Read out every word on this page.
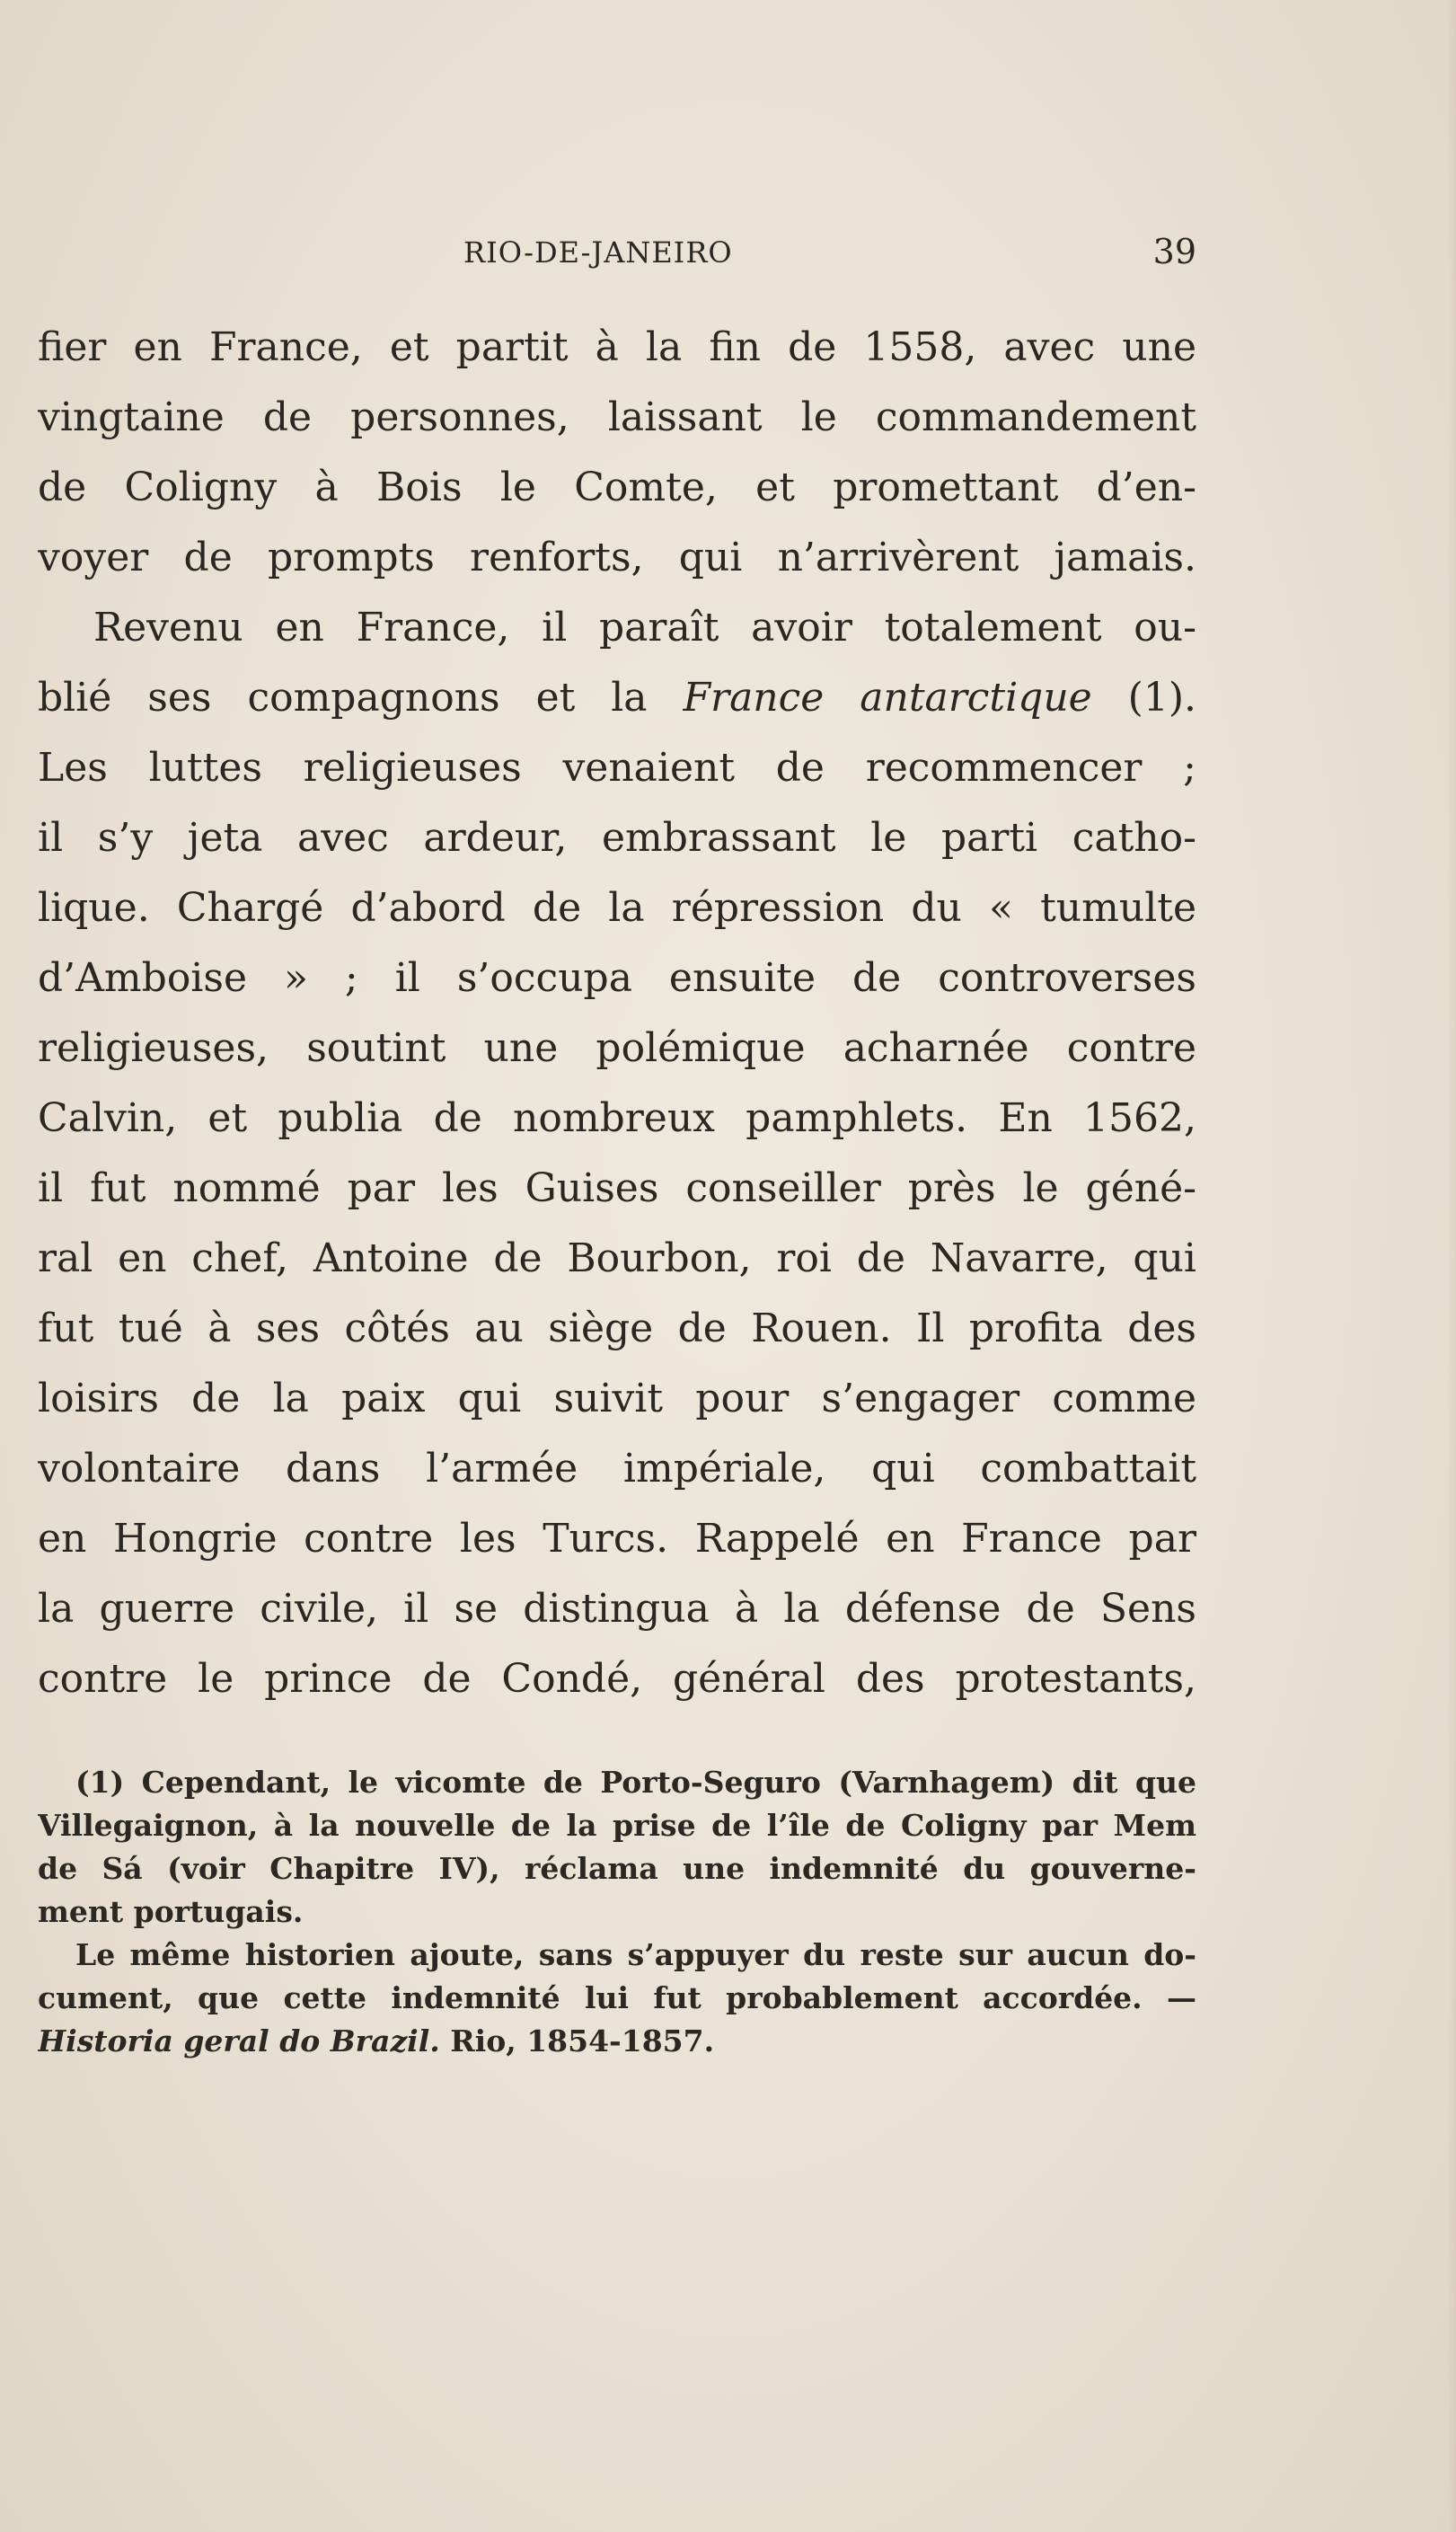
RIO-DE-JANEIRO	39
fier en France, et partit à la fin de 1558, avec une
vingtaine de personnes, laissant le commandement
de Coligny à Bois le Comte, et promettant d’en-
voyer de prompts renforts, qui n’arrivèrent jamais.
Revenu en France, il paraît avoir totalement ou-
blié ses compagnons et la France antarctique (1).
Les luttes religieuses venaient de recommencer ;
il s’y jeta avec ardeur, embrassant le parti catho-
lique. Chargé d’abord de la répression du « tumulte
d’Amboise » ; il s’occupa ensuite de controverses
religieuses, soutint une polémique acharnée contre
Calvin, et publia de nombreux pamphlets. En 1562,
il fut nommé par les Guises conseiller près le géné-
ral en chef, Antoine de Bourbon, roi de Navarre, qui
fut tué à ses côtés au siège de Rouen. Il profita des
loisirs de la paix qui suivit pour s’engager comme
volontaire dans l’armée impériale, qui combattait
en Hongrie contre les Turcs. Rappelé en France par
la guerre civile, il se distingua à la défense de Sens
contre le prince de Condé, général des protestants,
(1) Cependant, le vicomte de Porto-Seguro (Varnhagem) dit que
Villegaignon, à la nouvelle de la prise de l’île de Coligny par Mem
de Sá (voir Chapitre IV), réclama une indemnité du gouverne-
ment portugais.
Le même historien ajoute, sans s’appuyer du reste sur aucun do-
cument, que cette indemnité lui fut probablement accordée. —
Historia geral do Brazil. Rio, 1854-1857.
